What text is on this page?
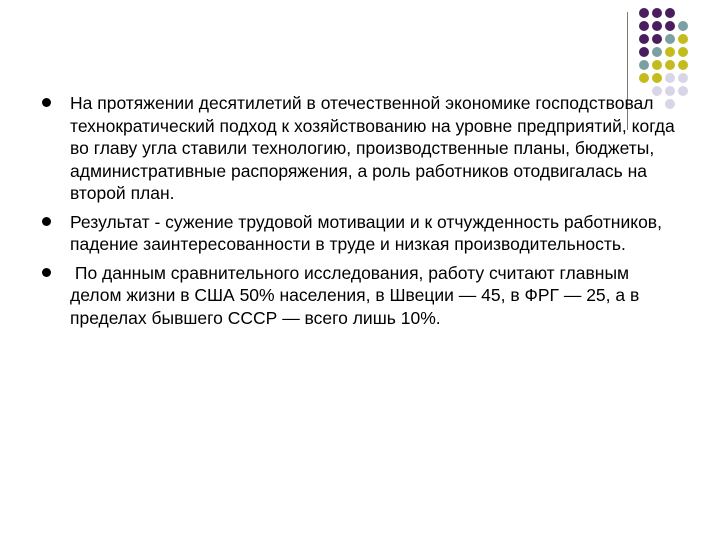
На протяжении десятилетий в отечественной экономике господствовал технократический подход к хозяйствованию на уровне предприятий, когда во главу угла ставили технологию, производственные планы, бюджеты, административные распоряжения, а роль работников отодвигалась на второй план.
Результат - сужение трудовой мотивации и к отчужденность работников, падение заинтересованности в труде и низкая производительность.
По данным сравнительного исследования, работу считают главным делом жизни в США 50% населения, в Швеции — 45, в ФРГ — 25, а в пределах бывшего СССР — всего лишь 10%.
